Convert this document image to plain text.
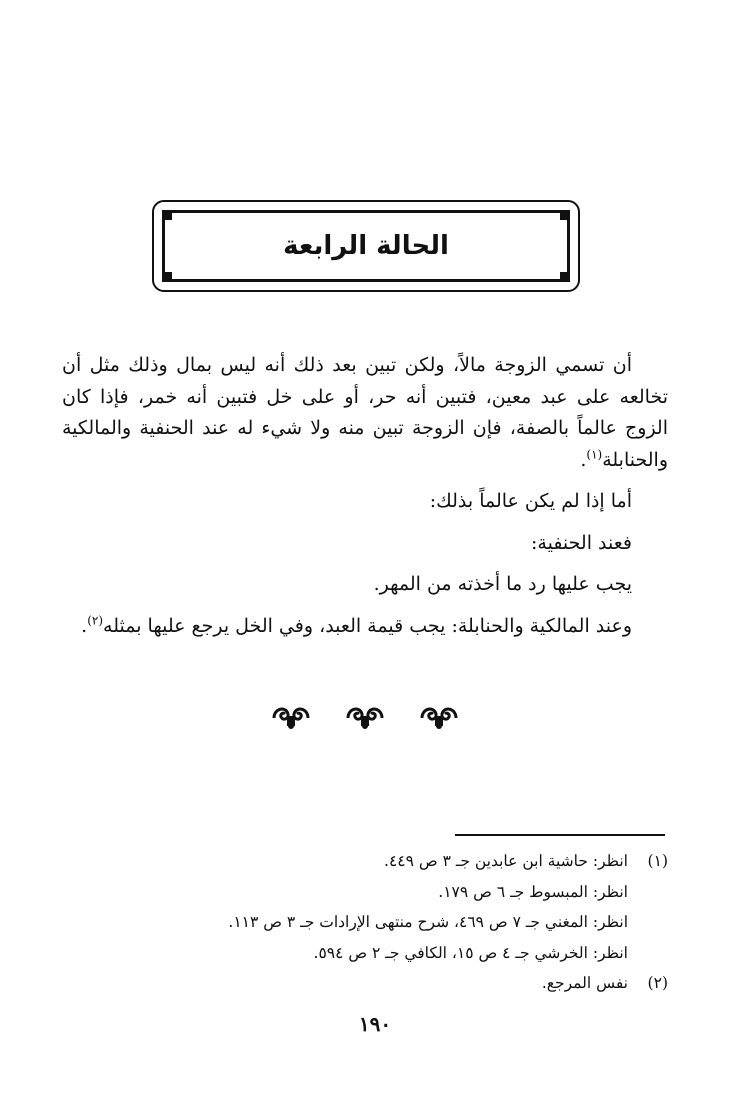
الحالة الرابعة

أن تسمي الزوجة مالاً، ولكن تبين بعد ذلك أنه ليس بمال وذلك مثل أن تخالعه على عبد معين، فتبين أنه حر، أو على خل فتبين أنه خمر، فإذا كان الزوج عالماً بالصفة، فإن الزوجة تبين منه ولا شيء له عند الحنفية والمالكية والحنابلة$^{(١)}$.

أما إذا لم يكن عالماً بذلك:

فعند الحنفية:

يجب عليها رد ما أخذته من المهر.

وعند المالكية والحنابلة: يجب قيمة العبد، وفي الخل يرجع عليها بمثله$^{(٢)}$.

(١)انظر: حاشية ابن عابدين جـ ٣ ص ٤٤٩.
انظر: المبسوط جـ ٦ ص ١٧٩.
انظر: المغني جـ ٧ ص ٤٦٩، شرح منتهى الإرادات جـ ٣ ص ١١٣.
انظر: الخرشي جـ ٤ ص ١٥، الكافي جـ ٢ ص ٥٩٤.
(٢)نفس المرجع.
١٩٠
